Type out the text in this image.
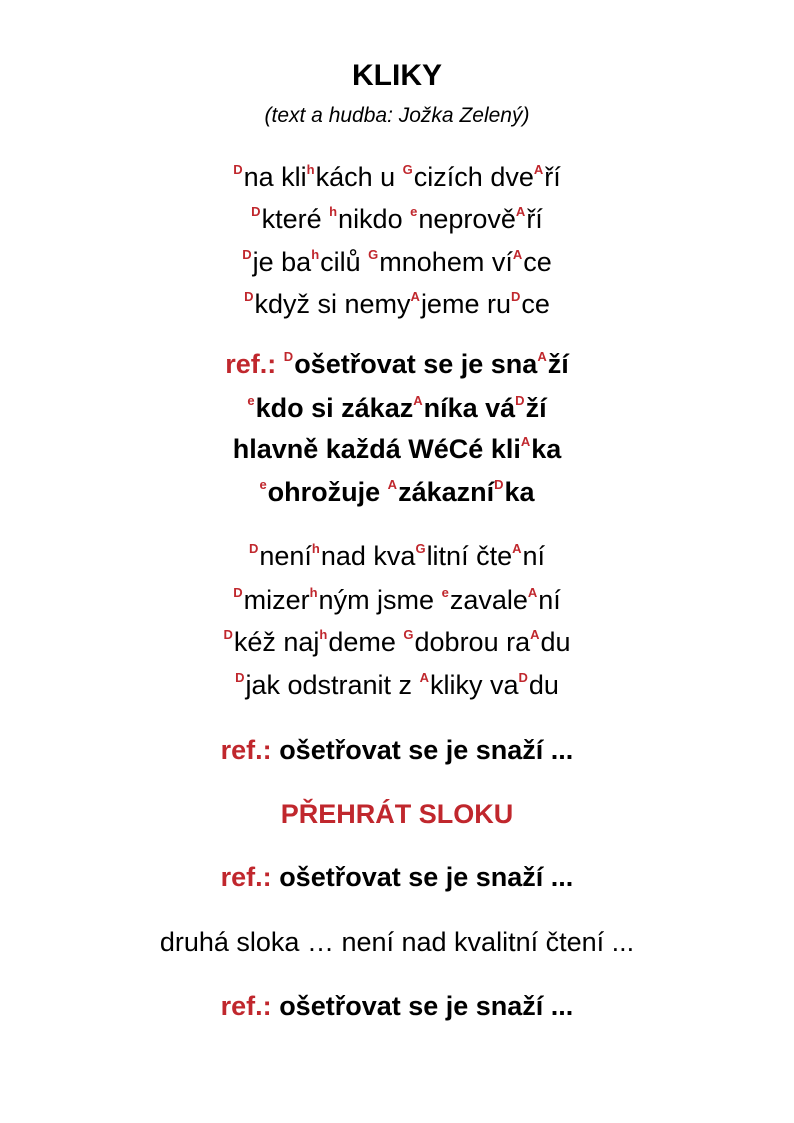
KLIKY
(text a hudba: Jožka Zelený)
$^D$na kli$^h$kách u $^G$cizích dve$^A$ří
$^D$které $^h$nikdo $^e$neprově$^A$ří
$^D$je $ba^hcilů$ $^G$mnohem $ví^Ace$
$^D$když si nemy$^A$jeme $ru^Dce$
ref.: $^D$ošetřovat se je sna$^A$ží
$^e$kdo si zákaz$^A$níka $vá^Dží$
hlavně každá WéCé kli$^A$ka
$^e$ohrožuje $^A$zákazní$^D$ka
$^D$není$^h$nad kva$^G$litní čte$^A$ní
$^D$mizer$^h$ným jsme $^e$zavale$^A$ní
$^D$kéž naj$^h$deme $^G$dobrou $ra^Adu$
$^D$jak odstranit z $^A$kliky $va^Ddu$
ref.: ošetřovat se je snaží ...
PŘEHRÁT SLOKU
ref.: ošetřovat se je snaží ...
druhá sloka … není nad kvalitní čtení ...
ref.: ošetřovat se je snaží ...
